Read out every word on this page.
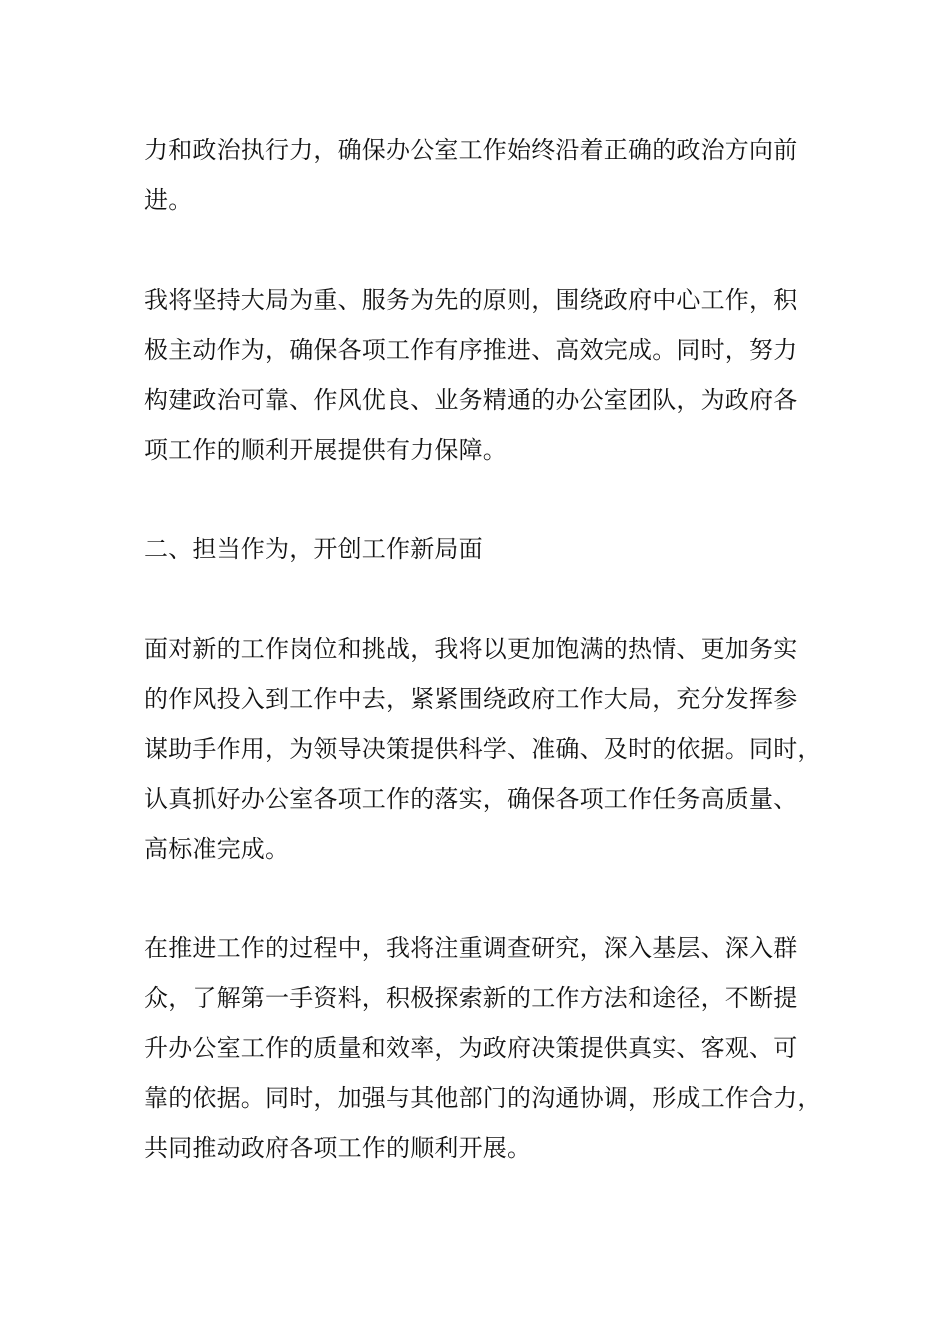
力和政治执行力，确保办公室工作始终沿着正确的政治方向前

进。

我将坚持大局为重、服务为先的原则，围绕政府中心工作，积

极主动作为，确保各项工作有序推进、高效完成。同时，努力

构建政治可靠、作风优良、业务精通的办公室团队，为政府各

项工作的顺利开展提供有力保障。

二、担当作为，开创工作新局面

面对新的工作岗位和挑战，我将以更加饱满的热情、更加务实

的作风投入到工作中去，紧紧围绕政府工作大局，充分发挥参

谋助手作用，为领导决策提供科学、准确、及时的依据。同时，

认真抓好办公室各项工作的落实，确保各项工作任务高质量、

高标准完成。

在推进工作的过程中，我将注重调查研究，深入基层、深入群

众，了解第一手资料，积极探索新的工作方法和途径，不断提

升办公室工作的质量和效率，为政府决策提供真实、客观、可

靠的依据。同时，加强与其他部门的沟通协调，形成工作合力，

共同推动政府各项工作的顺利开展。
